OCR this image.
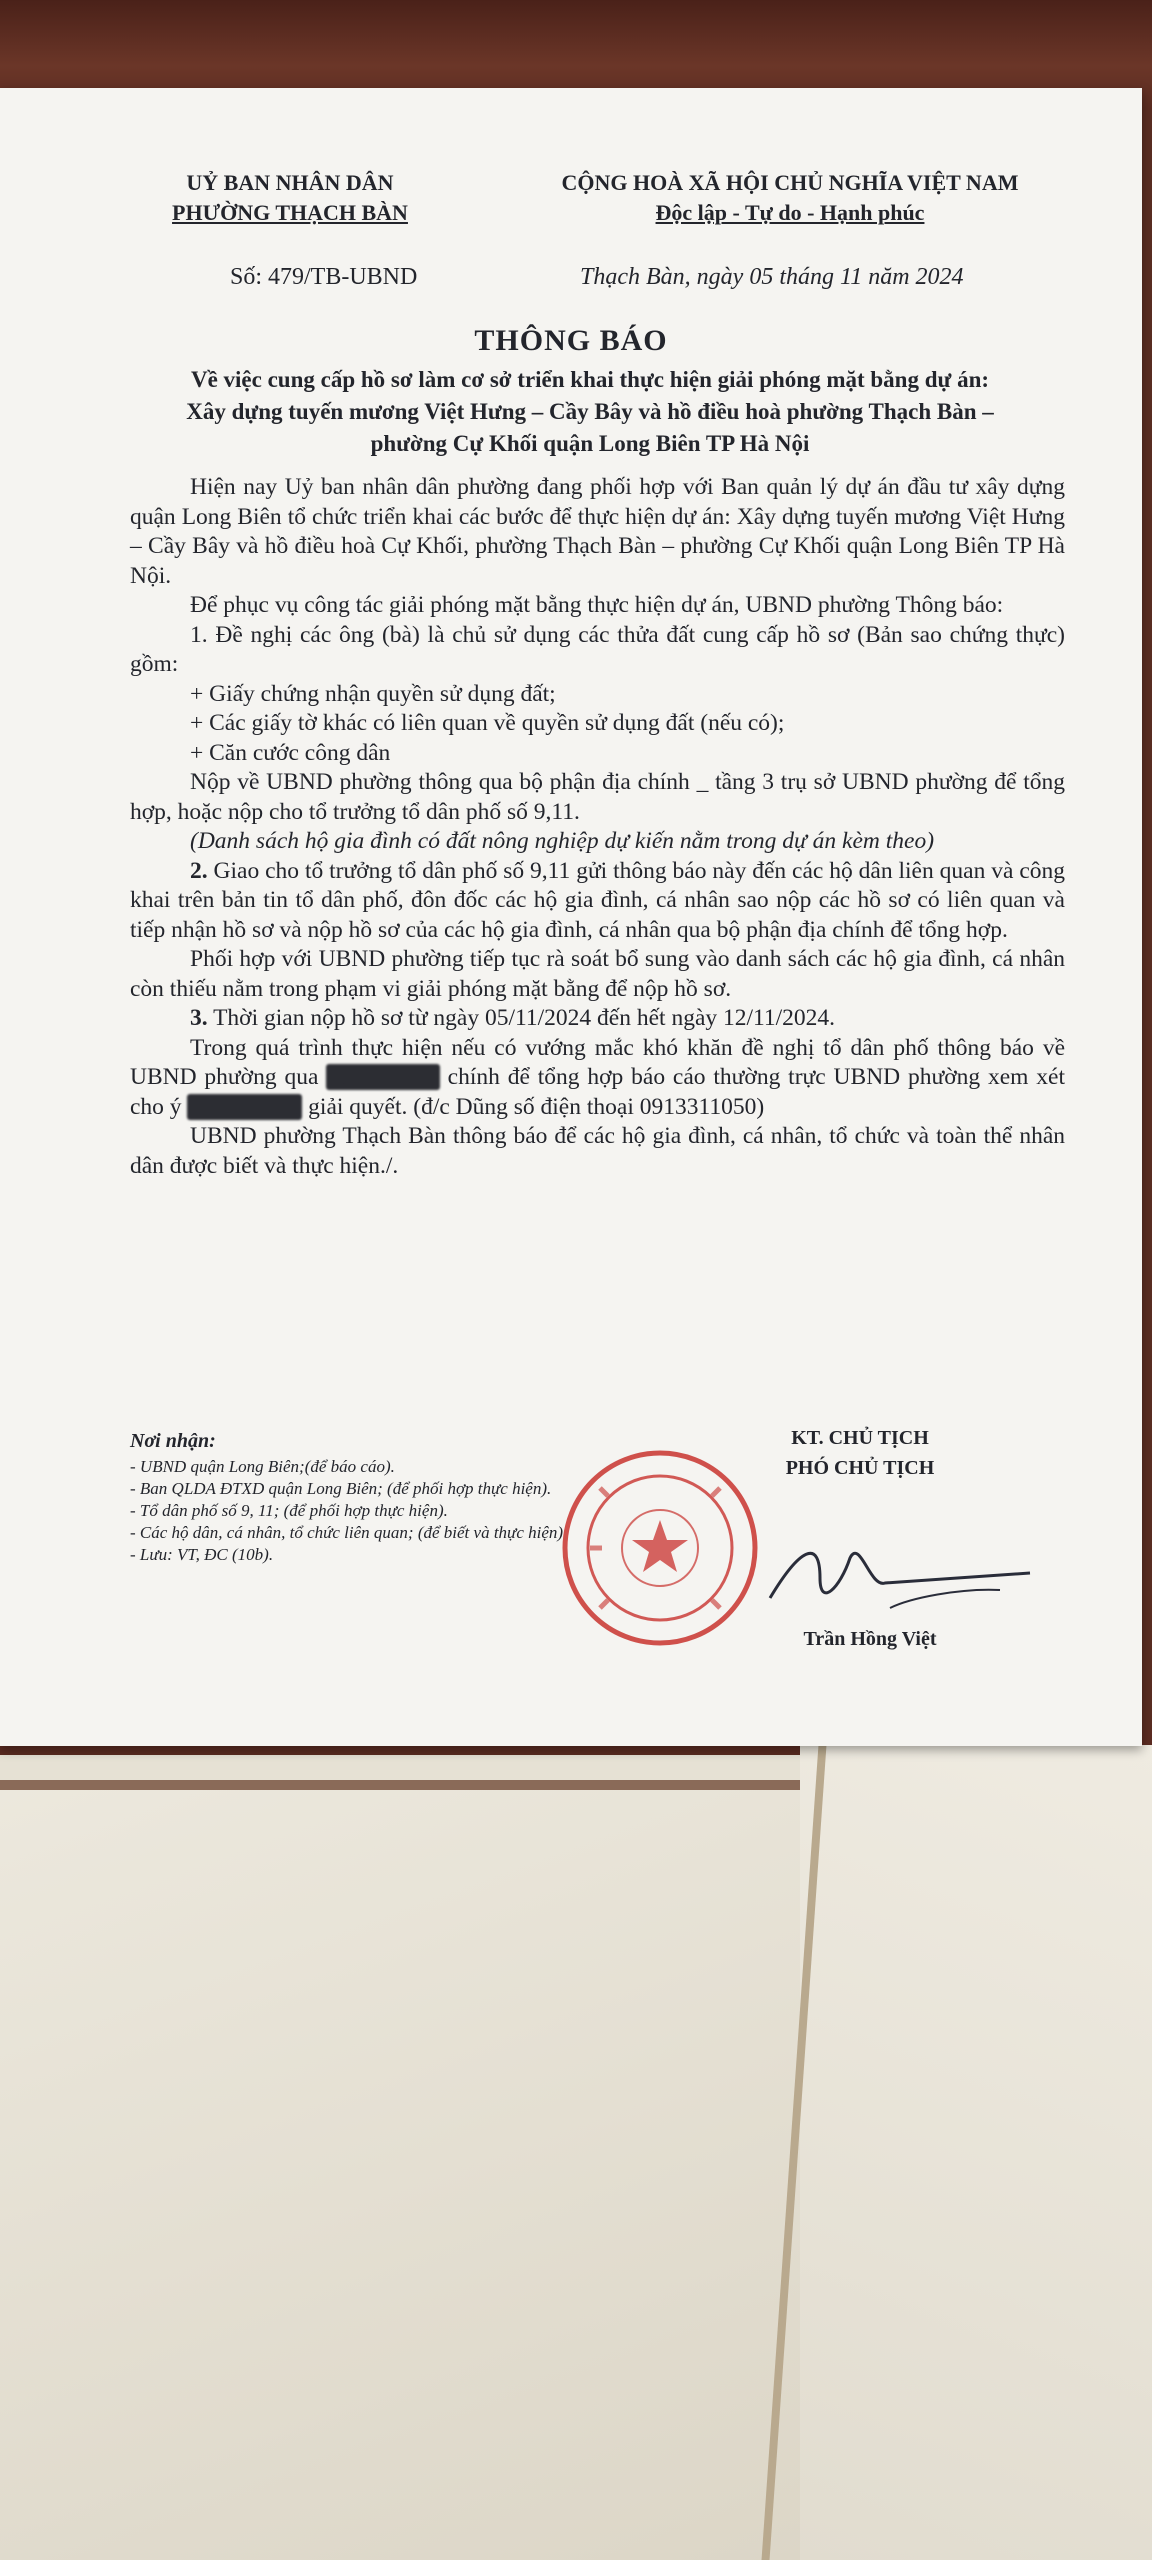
UỶ BAN NHÂN DÂN
PHƯỜNG THẠCH BÀN
CỘNG HOÀ XÃ HỘI CHỦ NGHĨA VIỆT NAM
Độc lập - Tự do - Hạnh phúc
Số: 479/TB-UBND	Thạch Bàn, ngày 05 tháng 11 năm 2024
THÔNG BÁO
Về việc cung cấp hồ sơ làm cơ sở triển khai thực hiện giải phóng mặt bằng dự án:
Xây dựng tuyến mương Việt Hưng – Cầy Bây và hồ điều hoà phường Thạch Bàn –
phường Cự Khối quận Long Biên TP Hà Nội

Hiện nay Uỷ ban nhân dân phường đang phối hợp với Ban quản lý dự án đầu tư xây dựng quận Long Biên tổ chức triển khai các bước để thực hiện dự án: Xây dựng tuyến mương Việt Hưng – Cầy Bây và hồ điều hoà Cự Khối, phường Thạch Bàn – phường Cự Khối quận Long Biên TP Hà Nội.

Để phục vụ công tác giải phóng mặt bằng thực hiện dự án, UBND phường Thông báo:

1. Đề nghị các ông (bà) là chủ sử dụng các thửa đất cung cấp hồ sơ (Bản sao chứng thực) gồm:

+ Giấy chứng nhận quyền sử dụng đất;

+ Các giấy tờ khác có liên quan về quyền sử dụng đất (nếu có);

+ Căn cước công dân

Nộp về UBND phường thông qua bộ phận địa chính _ tầng 3 trụ sở UBND phường để tổng hợp, hoặc nộp cho tổ trưởng tổ dân phố số 9,11.

(Danh sách hộ gia đình có đất nông nghiệp dự kiến nằm trong dự án kèm theo)

2. Giao cho tổ trưởng tổ dân phố số 9,11 gửi thông báo này đến các hộ dân liên quan và công khai trên bản tin tổ dân phố, đôn đốc các hộ gia đình, cá nhân sao nộp các hồ sơ có liên quan và tiếp nhận hồ sơ và nộp hồ sơ của các hộ gia đình, cá nhân qua bộ phận địa chính để tổng hợp.

Phối hợp với UBND phường tiếp tục rà soát bổ sung vào danh sách các hộ gia đình, cá nhân còn thiếu nằm trong phạm vi giải phóng mặt bằng để nộp hồ sơ.

3. Thời gian nộp hồ sơ từ ngày 05/11/2024 đến hết ngày 12/11/2024.

Trong quá trình thực hiện nếu có vướng mắc khó khăn đề nghị tổ dân phố thông báo về UBND phường qua bộ phận địa chính để tổng hợp báo cáo thường trực UBND phường xem xét cho ý kiến chỉ đạo giải quyết. (đ/c Dũng số điện thoại 0913311050)

UBND phường Thạch Bàn thông báo để các hộ gia đình, cá nhân, tổ chức và toàn thể nhân dân được biết và thực hiện./.

Nơi nhận:
- UBND quận Long Biên;(để báo cáo).
- Ban QLDA ĐTXD quận Long Biên; (để phối hợp thực hiện).
- Tổ dân phố số 9, 11; (để phối hợp thực hiện).
- Các hộ dân, cá nhân, tổ chức liên quan; (để biết và thực hiện)
- Lưu: VT, ĐC (10b).
KT. CHỦ TỊCH
PHÓ CHỦ TỊCH
Trần Hồng Việt
